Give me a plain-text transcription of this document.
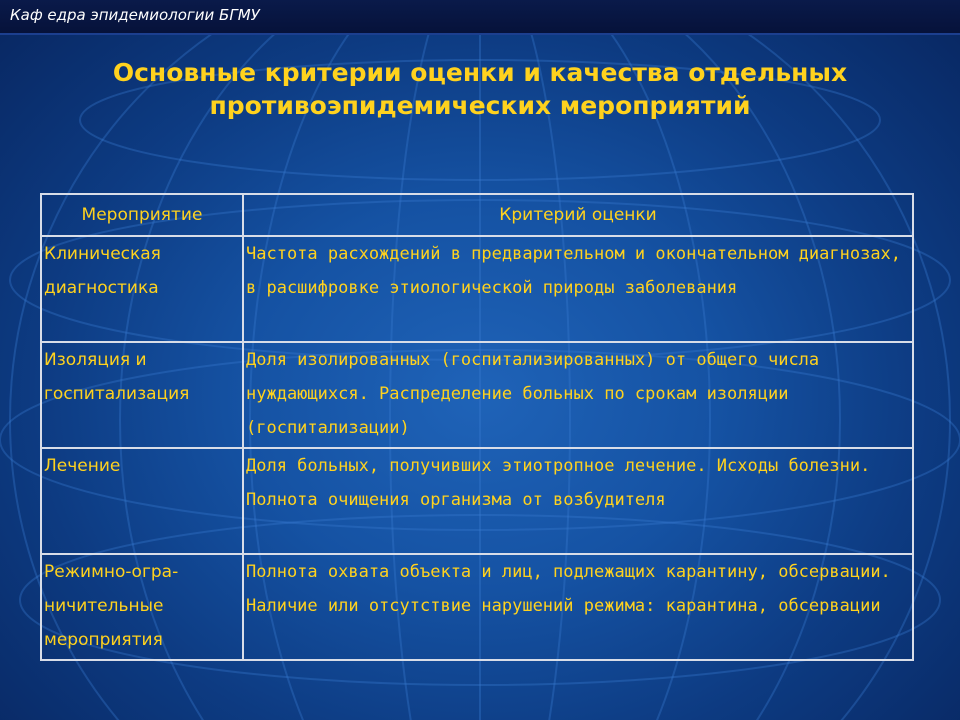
Каф едра эпидемиологии БГМУ
Основные критерии оценки и качества отдельных
противоэпидемических мероприятий
Мероприятие	Критерий оценки
Клиническая диагностика	Частота расхождений в предварительном и окончательном диагнозах, в расшифровке этиологической природы заболевания
Изоляция и госпитализация	Доля изолированных (госпитализированных) от общего числа нуждающихся. Распределение больных по срокам изоляции (госпитализации)
Лечение	Доля больных, получивших этиотропное лечение. Исходы болезни. Полнота очищения организма от возбудителя
Режимно-огра-ничительные мероприятия	Полнота охвата объекта и лиц, подлежащих карантину, обсервации. Наличие или отсутствие нарушений режима: карантина, обсервации
